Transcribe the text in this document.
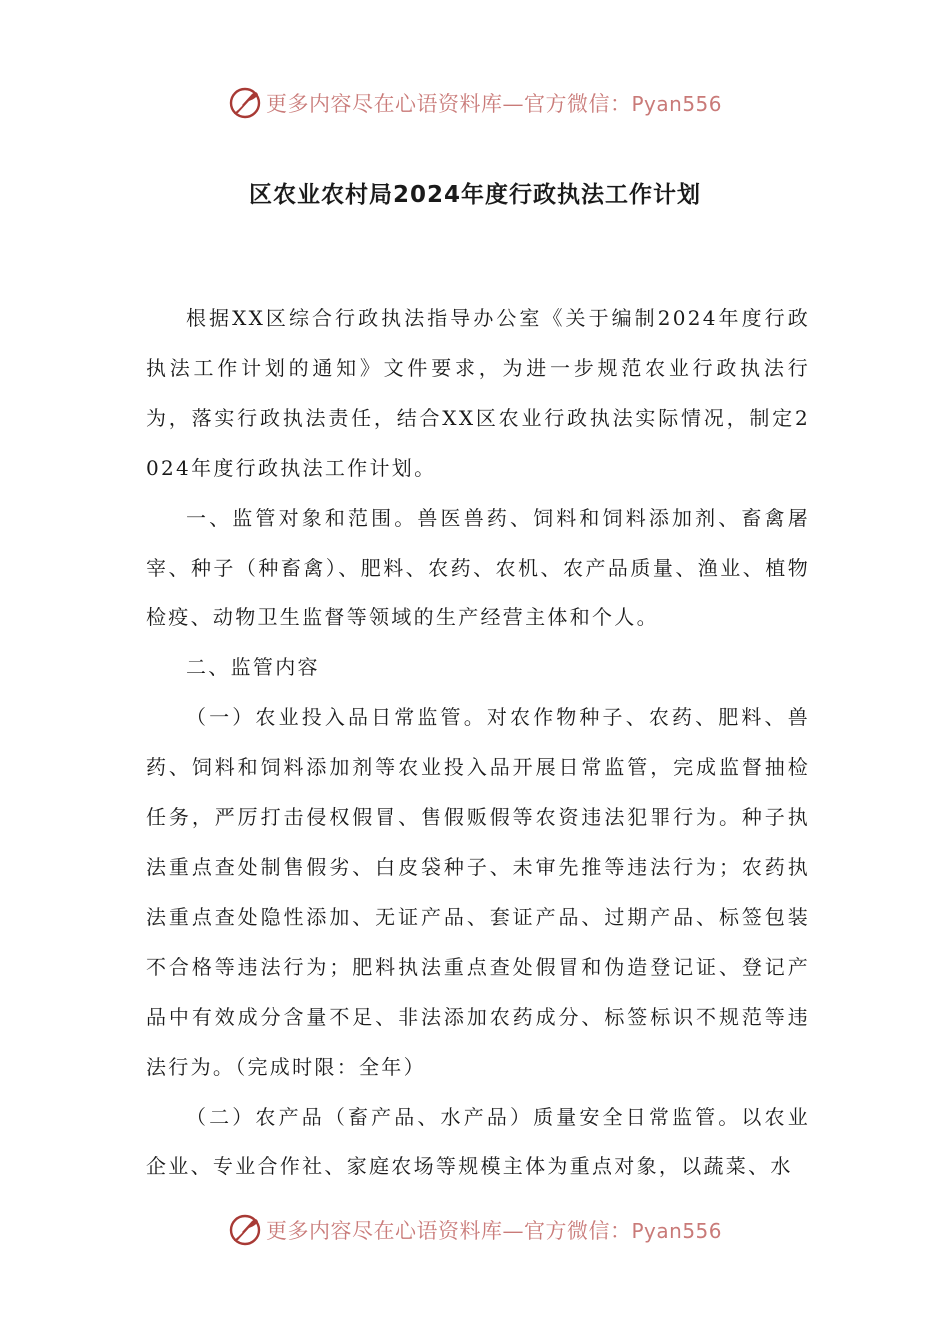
更多内容尽在心语资料库—官方微信：Pyan556
区农业农村局2024年度行政执法工作计划

根据XX区综合行政执法指导办公室《关于编制2024年度行政执法工作计划的通知》文件要求，为进一步规范农业行政执法行为，落实行政执法责任，结合XX区农业行政执法实际情况，制定2024年度行政执法工作计划。

一、监管对象和范围。兽医兽药、饲料和饲料添加剂、畜禽屠宰、种子（种畜禽）、肥料、农药、农机、农产品质量、渔业、植物检疫、动物卫生监督等领域的生产经营主体和个人。

二、监管内容

（一）农业投入品日常监管。对农作物种子、农药、肥料、兽药、饲料和饲料添加剂等农业投入品开展日常监管，完成监督抽检任务，严厉打击侵权假冒、售假贩假等农资违法犯罪行为。种子执法重点查处制售假劣、白皮袋种子、未审先推等违法行为；农药执法重点查处隐性添加、无证产品、套证产品、过期产品、标签包装不合格等违法行为；肥料执法重点查处假冒和伪造登记证、登记产品中有效成分含量不足、非法添加农药成分、标签标识不规范等违法行为。（完成时限：全年）

（二）农产品（畜产品、水产品）质量安全日常监管。以农业企业、专业合作社、家庭农场等规模主体为重点对象，以蔬菜、水

更多内容尽在心语资料库—官方微信：Pyan556
